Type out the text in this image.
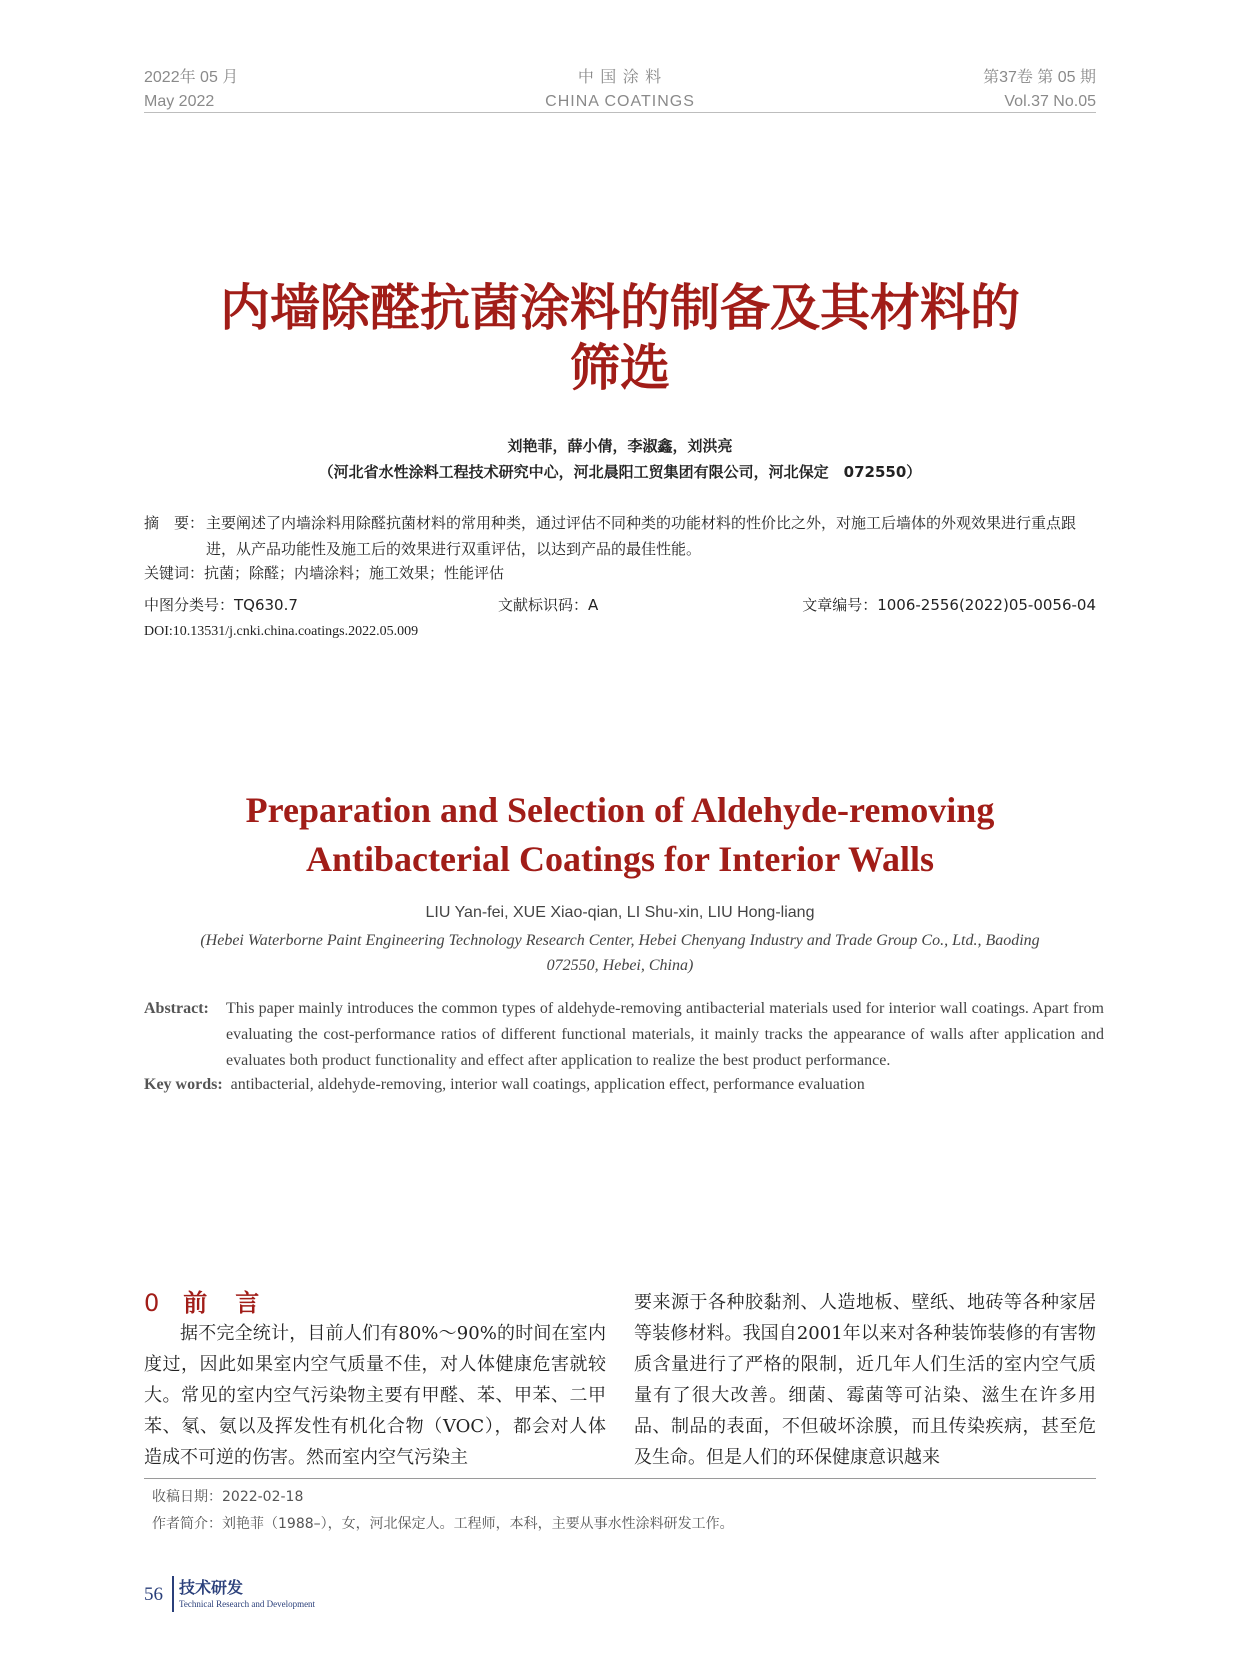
2022年 05 月
May 2022
中 国 涂 料
CHINA COATINGS
第37卷 第 05 期
Vol.37 No.05
内墙除醛抗菌涂料的制备及其材料的
筛选
刘艳菲，薛小倩，李淑鑫，刘洪亮
（河北省水性涂料工程技术研究中心，河北晨阳工贸集团有限公司，河北保定　072550）
摘　要： 主要阐述了内墙涂料用除醛抗菌材料的常用种类，通过评估不同种类的功能材料的性价比之外，对施工后墙体的外观效果进行重点跟进，从产品功能性及施工后的效果进行双重评估，以达到产品的最佳性能。
关键词：抗菌；除醛；内墙涂料；施工效果；性能评估
中图分类号：TQ630.7	文献标识码：A	文章编号：1006-2556(2022)05-0056-04
DOI:10.13531/j.cnki.china.coatings.2022.05.009
Preparation and Selection of Aldehyde-removing
Antibacterial Coatings for Interior Walls
LIU Yan-fei, XUE Xiao-qian, LI Shu-xin, LIU Hong-liang
(Hebei Waterborne Paint Engineering Technology Research Center, Hebei Chenyang Industry and Trade Group Co., Ltd., Baoding 072550, Hebei, China)
Abstract: This paper mainly introduces the common types of aldehyde-removing antibacterial materials used for interior wall coatings. Apart from evaluating the cost-performance ratios of different functional materials, it mainly tracks the appearance of walls after application and evaluates both product functionality and effect after application to realize the best product performance.
Key words: antibacterial, aldehyde-removing, interior wall coatings, application effect, performance evaluation
0 前　言
据不完全统计，目前人们有80%～90%的时间在室内度过，因此如果室内空气质量不佳，对人体健康危害就较大。常见的室内空气污染物主要有甲醛、苯、甲苯、二甲苯、氡、氨以及挥发性有机化合物（VOC），都会对人体造成不可逆的伤害。然而室内空气污染主
要来源于各种胶黏剂、人造地板、壁纸、地砖等各种家居等装修材料。我国自2001年以来对各种装饰装修的有害物质含量进行了严格的限制，近几年人们生活的室内空气质量有了很大改善。细菌、霉菌等可沾染、滋生在许多用品、制品的表面，不但破坏涂膜，而且传染疾病，甚至危及生命。但是人们的环保健康意识越来
收稿日期：2022-02-18
作者简介：刘艳菲（1988–），女，河北保定人。工程师，本科，主要从事水性涂料研发工作。
56 技术研发
Technical Research and Development
